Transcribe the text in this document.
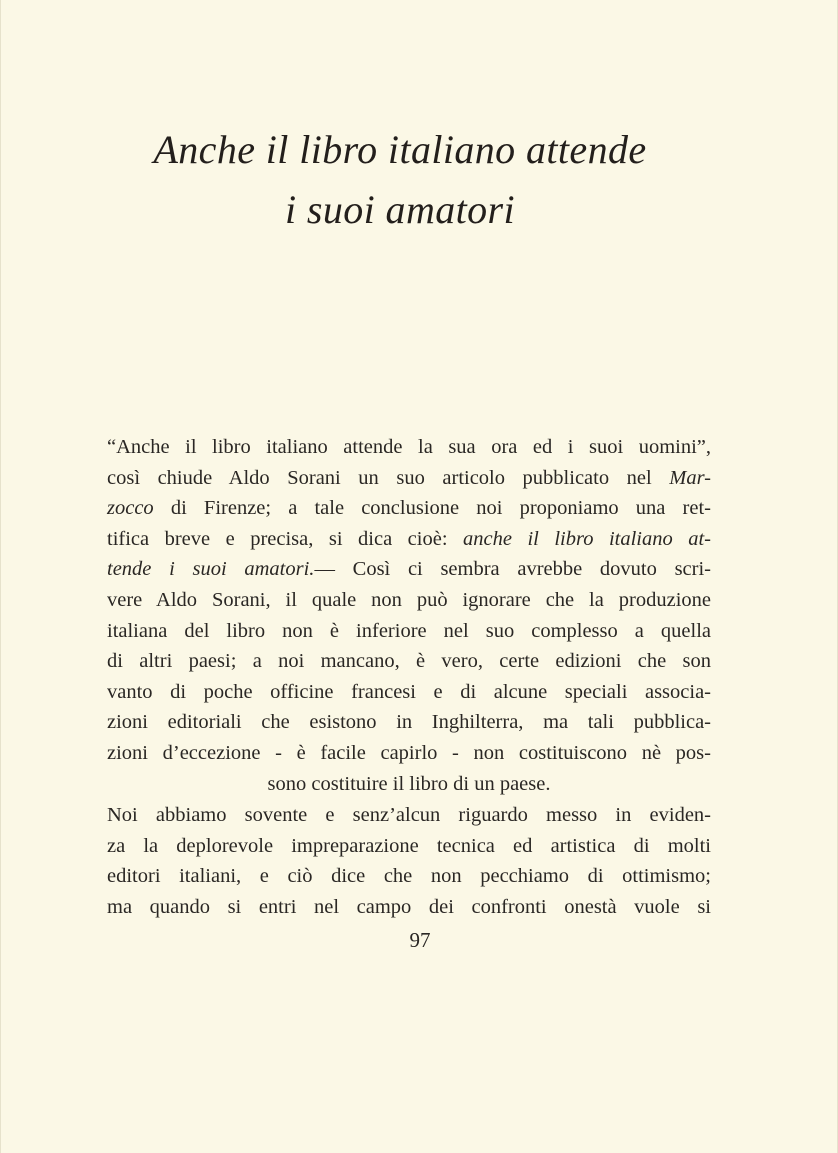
Anche il libro italiano attende
i suoi amatori
“Anche il libro italiano attende la sua ora ed i suoi uomini”,
così chiude Aldo Sorani un suo articolo pubblicato nel Mar-
zocco di Firenze; a tale conclusione noi proponiamo una ret-
tifica breve e precisa, si dica cioè: anche il libro italiano at-
tende i suoi amatori.— Così ci sembra avrebbe dovuto scri-
vere Aldo Sorani, il quale non può ignorare che la produzione
italiana del libro non è inferiore nel suo complesso a quella
di altri paesi; a noi mancano, è vero, certe edizioni che son
vanto di poche officine francesi e di alcune speciali associa-
zioni editoriali che esistono in Inghilterra, ma tali pubblica-
zioni d’eccezione - è facile capirlo - non costituiscono nè pos-
sono costituire il libro di un paese.
Noi abbiamo sovente e senz’alcun riguardo messo in eviden-
za la deplorevole impreparazione tecnica ed artistica di molti
editori italiani, e ciò dice che non pecchiamo di ottimismo;
ma quando si entri nel campo dei confronti onestà vuole si

97
